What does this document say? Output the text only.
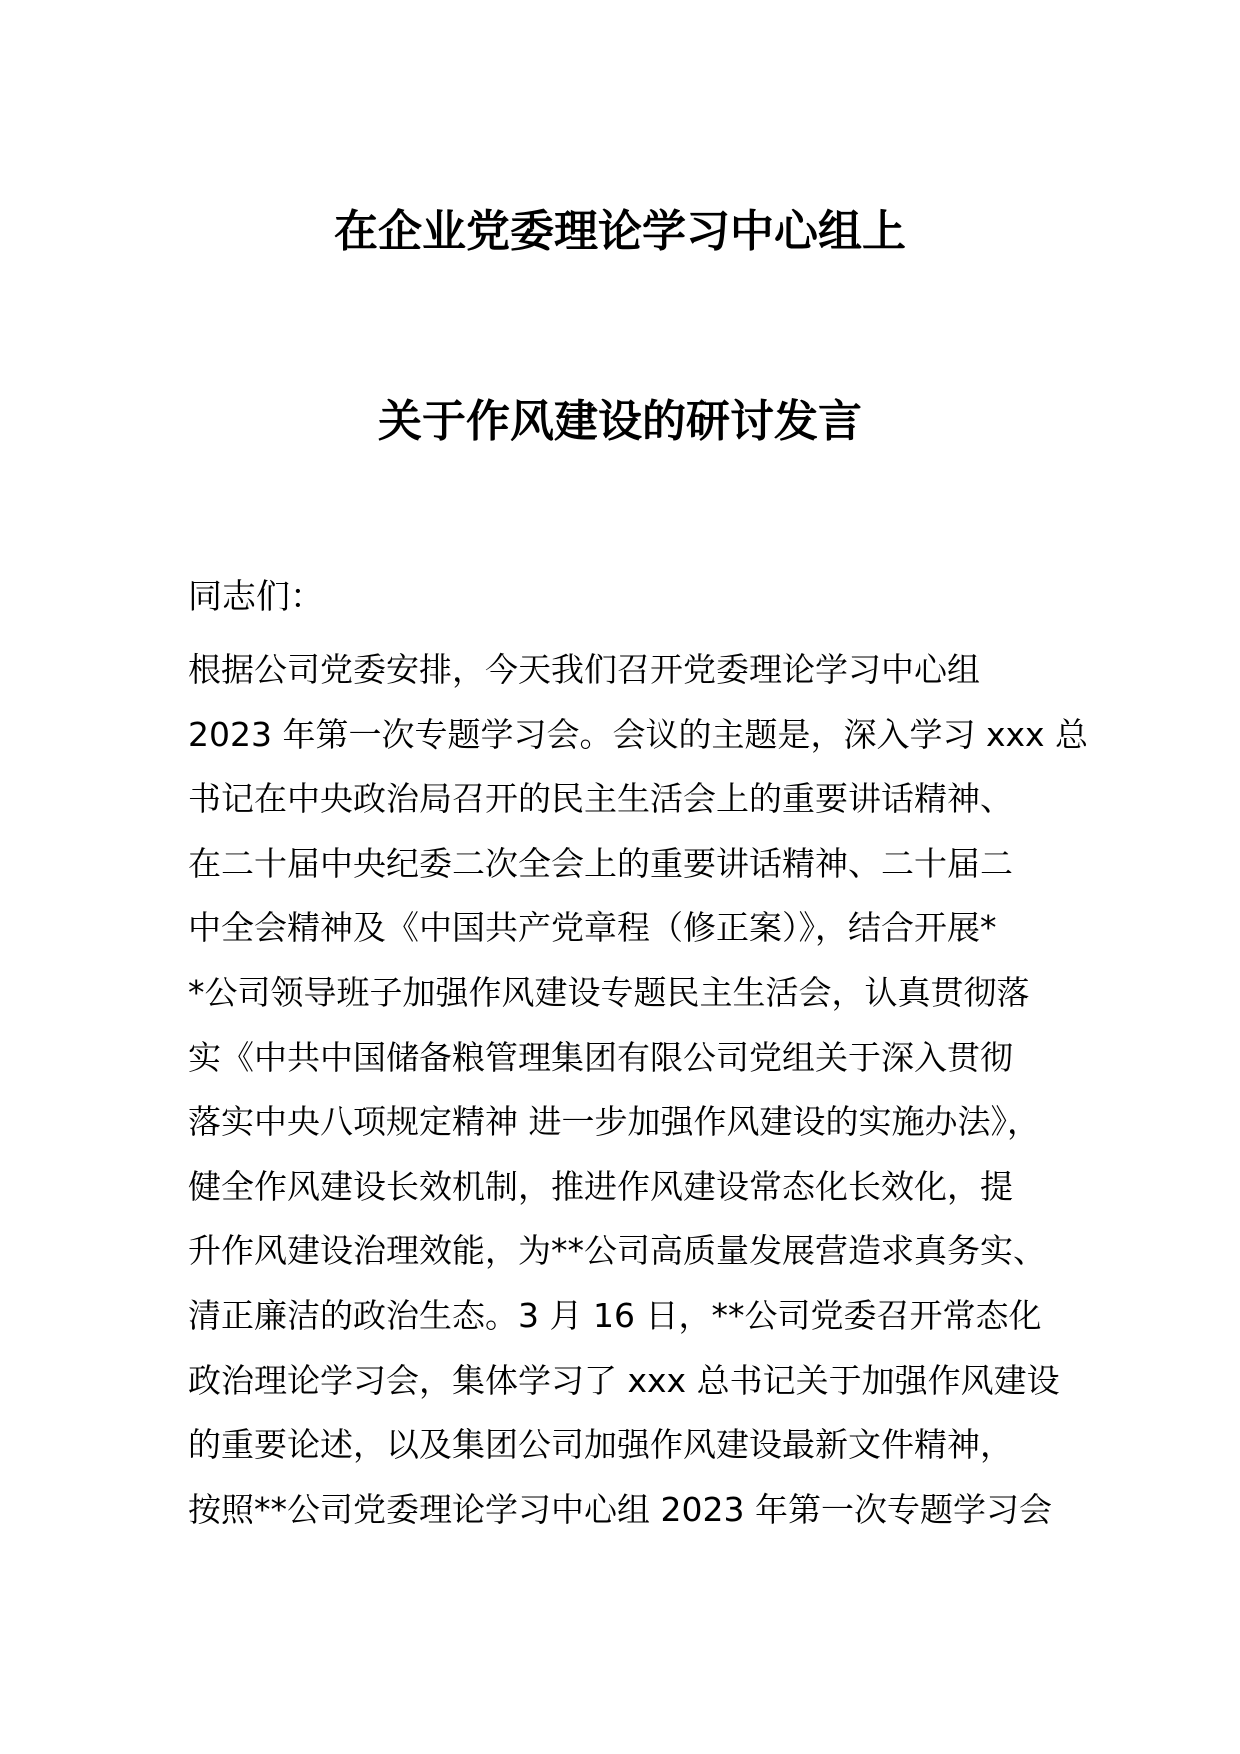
在企业党委理论学习中心组上
关于作风建设的研讨发言
同志们：
根据公司党委安排，今天我们召开党委理论学习中心组
2023 年第一次专题学习会。会议的主题是，深入学习 xxx 总
书记在中央政治局召开的民主生活会上的重要讲话精神、
在二十届中央纪委二次全会上的重要讲话精神、二十届二
中全会精神及《中国共产党章程（修正案）》，结合开展*
*公司领导班子加强作风建设专题民主生活会，认真贯彻落
实《中共中国储备粮管理集团有限公司党组关于深入贯彻
落实中央八项规定精神 进一步加强作风建设的实施办法》，
健全作风建设长效机制，推进作风建设常态化长效化，提
升作风建设治理效能，为**公司高质量发展营造求真务实、
清正廉洁的政治生态。3 月 16 日，**公司党委召开常态化
政治理论学习会，集体学习了 xxx 总书记关于加强作风建设
的重要论述，以及集团公司加强作风建设最新文件精神，
按照**公司党委理论学习中心组 2023 年第一次专题学习会
